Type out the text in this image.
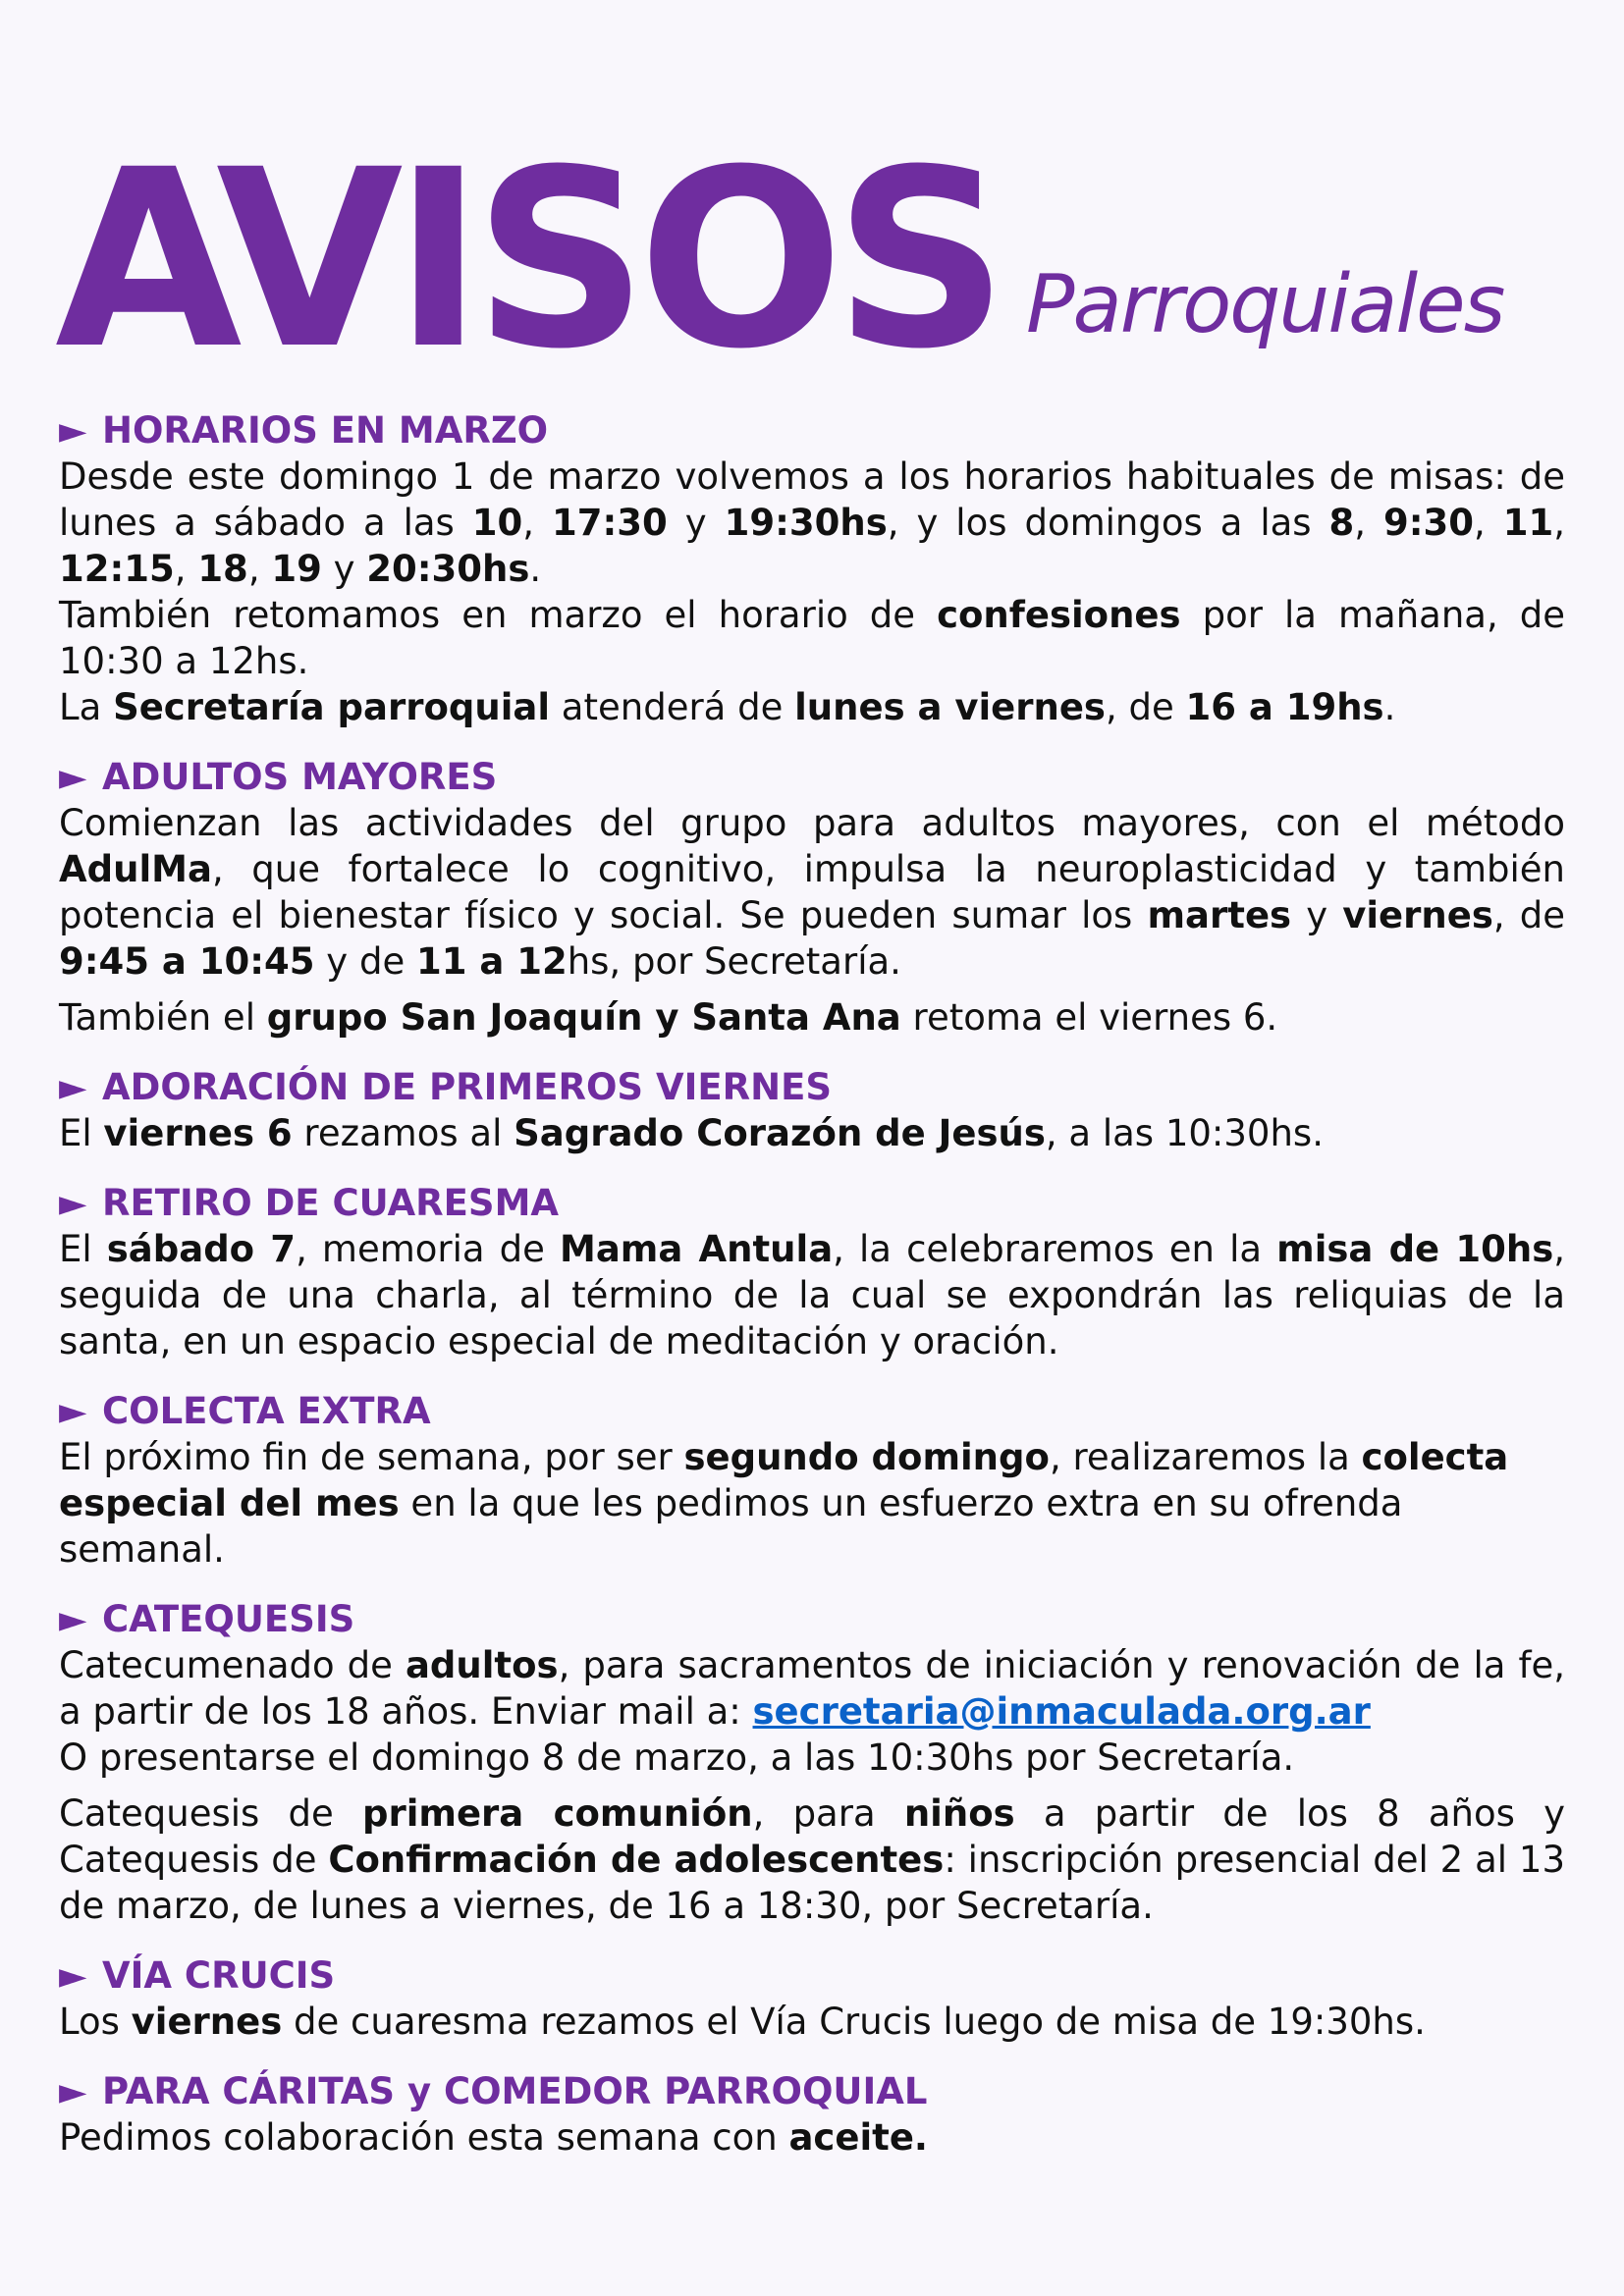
AVISOS Parroquiales
► HORARIOS EN MARZO

Desde este domingo 1 de marzo volvemos a los horarios habituales de misas: de lunes a sábado a las 10, 17:30 y 19:30hs, y los domingos a las 8, 9:30, 11, 12:15, 18, 19 y 20:30hs.

También retomamos en marzo el horario de confesiones por la mañana, de 10:30 a 12hs.

La Secretaría parroquial atenderá de lunes a viernes, de 16 a 19hs.

► ADULTOS MAYORES

Comienzan las actividades del grupo para adultos mayores, con el método AdulMa, que fortalece lo cognitivo, impulsa la neuroplasticidad y también potencia el bienestar físico y social. Se pueden sumar los martes y viernes, de 9:45 a 10:45 y de 11 a 12hs, por Secretaría.

También el grupo San Joaquín y Santa Ana retoma el viernes 6.

► ADORACIÓN DE PRIMEROS VIERNES

El viernes 6 rezamos al Sagrado Corazón de Jesús, a las 10:30hs.

► RETIRO DE CUARESMA

El sábado 7, memoria de Mama Antula, la celebraremos en la misa de 10hs, seguida de una charla, al término de la cual se expondrán las reliquias de la santa, en un espacio especial de meditación y oración.

► COLECTA EXTRA

El próximo fin de semana, por ser segundo domingo, realizaremos la colecta especial del mes en la que les pedimos un esfuerzo extra en su ofrenda semanal.

► CATEQUESIS

Catecumenado de adultos, para sacramentos de iniciación y renovación de la fe, a partir de los 18 años. Enviar mail a: secretaria@inmaculada.org.ar

O presentarse el domingo 8 de marzo, a las 10:30hs por Secretaría.

Catequesis de primera comunión, para niños a partir de los 8 años y Catequesis de Confirmación de adolescentes: inscripción presencial del 2 al 13 de marzo, de lunes a viernes, de 16 a 18:30, por Secretaría.

► VÍA CRUCIS

Los viernes de cuaresma rezamos el Vía Crucis luego de misa de 19:30hs.

► PARA CÁRITAS y COMEDOR PARROQUIAL

Pedimos colaboración esta semana con aceite.
